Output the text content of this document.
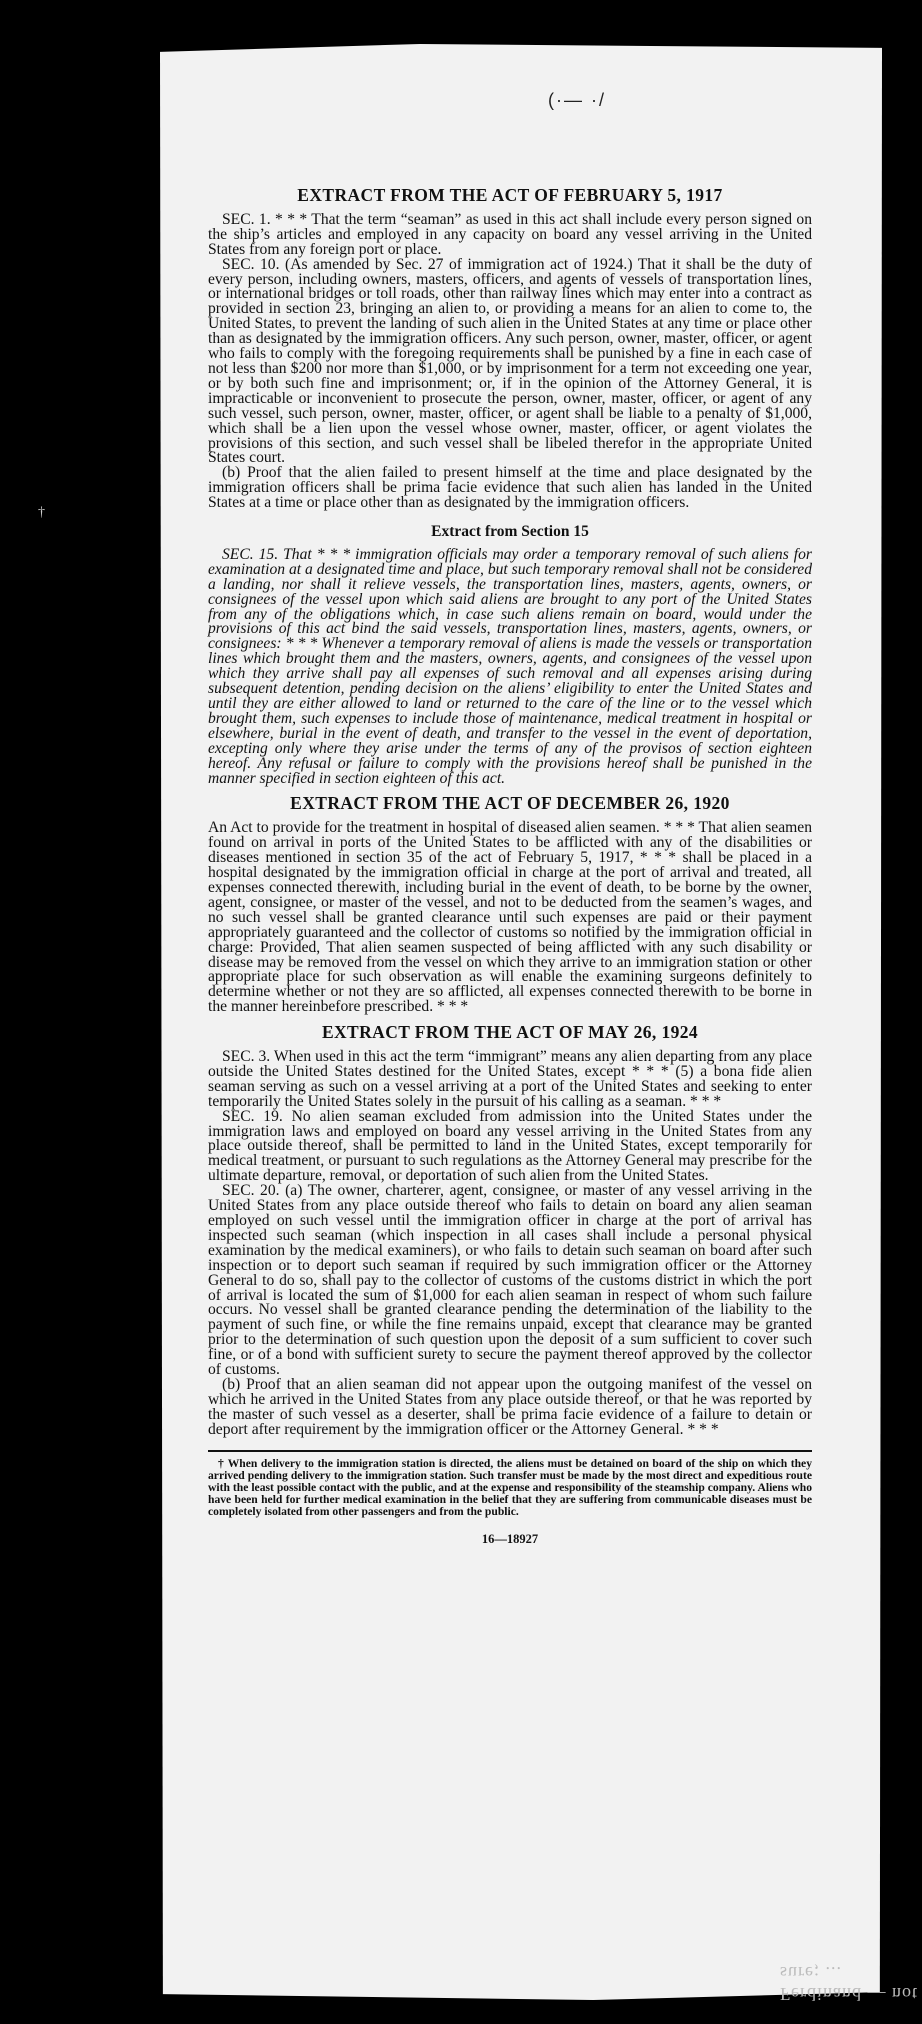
(·— ·/
†
EXTRACT FROM THE ACT OF FEBRUARY 5, 1917

SEC. 1. * * * That the term “seaman” as used in this act shall include every person signed on the ship’s articles and employed in any capacity on board any vessel arriving in the United States from any foreign port or place.

SEC. 10. (As amended by Sec. 27 of immigration act of 1924.) That it shall be the duty of every person, including owners, masters, officers, and agents of vessels of transportation lines, or international bridges or toll roads, other than railway lines which may enter into a contract as provided in section 23, bringing an alien to, or providing a means for an alien to come to, the United States, to prevent the landing of such alien in the United States at any time or place other than as designated by the immigration officers. Any such person, owner, master, officer, or agent who fails to comply with the foregoing requirements shall be punished by a fine in each case of not less than $200 nor more than $1,000, or by imprisonment for a term not exceeding one year, or by both such fine and imprisonment; or, if in the opinion of the Attorney General, it is impracticable or inconvenient to prosecute the person, owner, master, officer, or agent of any such vessel, such person, owner, master, officer, or agent shall be liable to a penalty of $1,000, which shall be a lien upon the vessel whose owner, master, officer, or agent violates the provisions of this section, and such vessel shall be libeled therefor in the appropriate United States court.

(b) Proof that the alien failed to present himself at the time and place designated by the immigration officers shall be prima facie evidence that such alien has landed in the United States at a time or place other than as designated by the immigration officers.

Extract from Section 15

SEC. 15. That * * * immigration officials may order a temporary removal of such aliens for examination at a designated time and place, but such temporary removal shall not be considered a landing, nor shall it relieve vessels, the transportation lines, masters, agents, owners, or consignees of the vessel upon which said aliens are brought to any port of the United States from any of the obligations which, in case such aliens remain on board, would under the provisions of this act bind the said vessels, transportation lines, masters, agents, owners, or consignees: * * * Whenever a temporary removal of aliens is made the vessels or transportation lines which brought them and the masters, owners, agents, and consignees of the vessel upon which they arrive shall pay all expenses of such removal and all expenses arising during subsequent detention, pending decision on the aliens’ eligibility to enter the United States and until they are either allowed to land or returned to the care of the line or to the vessel which brought them, such expenses to include those of maintenance, medical treatment in hospital or elsewhere, burial in the event of death, and transfer to the vessel in the event of deportation, excepting only where they arise under the terms of any of the provisos of section eighteen hereof. Any refusal or failure to comply with the provisions hereof shall be punished in the manner specified in section eighteen of this act.

EXTRACT FROM THE ACT OF DECEMBER 26, 1920

An Act to provide for the treatment in hospital of diseased alien seamen. * * * That alien seamen found on arrival in ports of the United States to be afflicted with any of the disabilities or diseases mentioned in section 35 of the act of February 5, 1917, * * * shall be placed in a hospital designated by the immigration official in charge at the port of arrival and treated, all expenses connected therewith, including burial in the event of death, to be borne by the owner, agent, consignee, or master of the vessel, and not to be deducted from the seamen’s wages, and no such vessel shall be granted clearance until such expenses are paid or their payment appropriately guaranteed and the collector of customs so notified by the immigration official in charge: Provided, That alien seamen suspected of being afflicted with any such disability or disease may be removed from the vessel on which they arrive to an immigration station or other appropriate place for such observation as will enable the examining surgeons definitely to determine whether or not they are so afflicted, all expenses connected therewith to be borne in the manner hereinbefore prescribed. * * *

EXTRACT FROM THE ACT OF MAY 26, 1924

SEC. 3. When used in this act the term “immigrant” means any alien departing from any place outside the United States destined for the United States, except * * * (5) a bona fide alien seaman serving as such on a vessel arriving at a port of the United States and seeking to enter temporarily the United States solely in the pursuit of his calling as a seaman. * * *

SEC. 19. No alien seaman excluded from admission into the United States under the immigration laws and employed on board any vessel arriving in the United States from any place outside thereof, shall be permitted to land in the United States, except temporarily for medical treatment, or pursuant to such regulations as the Attorney General may prescribe for the ultimate departure, removal, or deportation of such alien from the United States.

SEC. 20. (a) The owner, charterer, agent, consignee, or master of any vessel arriving in the United States from any place outside thereof who fails to detain on board any alien seaman employed on such vessel until the immigration officer in charge at the port of arrival has inspected such seaman (which inspection in all cases shall include a personal physical examination by the medical examiners), or who fails to detain such seaman on board after such inspection or to deport such seaman if required by such immigration officer or the Attorney General to do so, shall pay to the collector of customs of the customs district in which the port of arrival is located the sum of $1,000 for each alien seaman in respect of whom such failure occurs. No vessel shall be granted clearance pending the determination of the liability to the payment of such fine, or while the fine remains unpaid, except that clearance may be granted prior to the determination of such question upon the deposit of a sum sufficient to cover such fine, or of a bond with sufficient surety to secure the payment thereof approved by the collector of customs.

(b) Proof that an alien seaman did not appear upon the outgoing manifest of the vessel on which he arrived in the United States from any place outside thereof, or that he was reported by the master of such vessel as a deserter, shall be prima facie evidence of a failure to detain or deport after requirement by the immigration officer or the Attorney General. * * *

† When delivery to the immigration station is directed, the aliens must be detained on board of the ship on which they arrived pending delivery to the immigration station. Such transfer must be made by the most direct and expeditious route with the least possible contact with the public, and at the expense and responsibility of the steamship company. Aliens who have been held for further medical examination in the belief that they are suffering from communicable diseases must be completely isolated from other passengers and from the public.

16—18927
Ferdinand — not sure; ...
